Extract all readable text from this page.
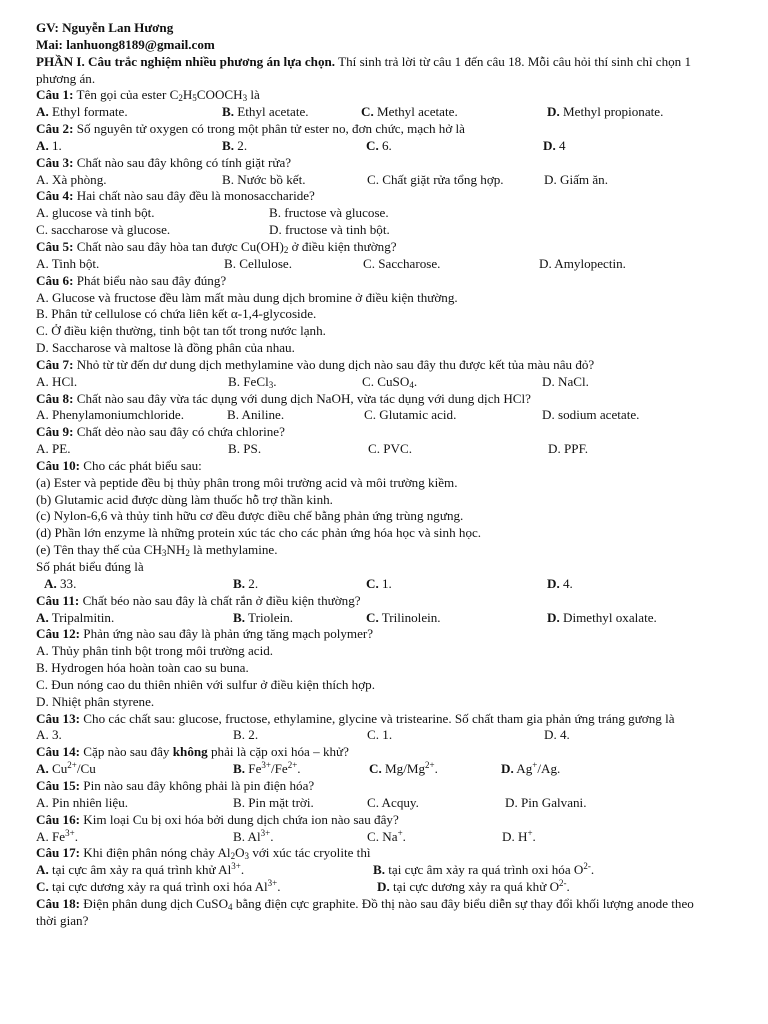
GV: Nguyễn Lan Hương
Mai: lanhuong8189@gmail.com
PHẦN I. Câu trắc nghiệm nhiều phương án lựa chọn. Thí sinh trả lời từ câu 1 đến câu 18. Mỗi câu hỏi thí sinh chỉ chọn 1 phương án.
Câu 1: Tên gọi của ester $C_2H_5COOCH_3$ là
A. Ethyl formate.	B. Ethyl acetate.	C. Methyl acetate.	D. Methyl propionate.
Câu 2: Số nguyên tử oxygen có trong một phân tử ester no, đơn chức, mạch hở là
A. 1.	B. 2.	C. 6.	D. 4
Câu 3: Chất nào sau đây không có tính giặt rửa?
A. Xà phòng.	B. Nước bồ kết.	C. Chất giặt rửa tổng hợp.	D. Giấm ăn.
Câu 4: Hai chất nào sau đây đều là monosaccharide?
A. glucose và tinh bột.	B. fructose và glucose.
C. saccharose và glucose.	D. fructose và tinh bột.
Câu 5: Chất nào sau đây hòa tan được $Cu(OH)_2$ ở điều kiện thường?
A. Tinh bột.	B. Cellulose.	C. Saccharose.	D. Amylopectin.
Câu 6: Phát biểu nào sau đây đúng?
A. Glucose và fructose đều làm mất màu dung dịch bromine ở điều kiện thường.
B. Phân tử cellulose có chứa liên kết α-1,4-glycoside.
C. Ở điều kiện thường, tinh bột tan tốt trong nước lạnh.
D. Saccharose và maltose là đồng phân của nhau.
Câu 7: Nhỏ từ từ đến dư dung dịch methylamine vào dung dịch nào sau đây thu được kết tủa màu nâu đỏ?
A. HCl.	B. FeCl$_3$.	C. CuSO$_4$.	D. NaCl.
Câu 8: Chất nào sau đây vừa tác dụng với dung dịch NaOH, vừa tác dụng với dung dịch HCl?
A. Phenylamoniumchloride.	B. Aniline.	C. Glutamic acid.	D. sodium acetate.
Câu 9: Chất dẻo nào sau đây có chứa chlorine?
A. PE.	B. PS.	C. PVC.	D. PPF.
Câu 10: Cho các phát biểu sau:
(a) Ester và peptide đều bị thủy phân trong môi trường acid và môi trường kiềm.
(b) Glutamic acid được dùng làm thuốc hỗ trợ thần kinh.
(c) Nylon-6,6 và thủy tinh hữu cơ đều được điều chế bằng phản ứng trùng ngưng.
(d) Phần lớn enzyme là những protein xúc tác cho các phản ứng hóa học và sinh học.
(e) Tên thay thế của $CH_3NH_2$ là methylamine.
Số phát biểu đúng là
A. 33.	B. 2.	C. 1.	D. 4.
Câu 11: Chất béo nào sau đây là chất rắn ở điều kiện thường?
A. Tripalmitin.	B. Triolein.	C. Trilinolein.	D. Dimethyl oxalate.
Câu 12: Phản ứng nào sau đây là phản ứng tăng mạch polymer?
A. Thủy phân tinh bột trong môi trường acid.
B. Hydrogen hóa hoàn toàn cao su buna.
C. Đun nóng cao du thiên nhiên với sulfur ở điều kiện thích hợp.
D. Nhiệt phân styrene.
Câu 13: Cho các chất sau: glucose, fructose, ethylamine, glycine và tristearine. Số chất tham gia phản ứng tráng gương là
A. 3.	B. 2.	C. 1.	D. 4.
Câu 14: Cặp nào sau đây không phải là cặp oxi hóa – khử?
A. $Cu^{2+}/Cu$	B. $Fe^{3+}/Fe^{2+}$.	C. $Mg/Mg^{2+}$.	D. Ag+/Ag.
Câu 15: Pin nào sau đây không phải là pin điện hóa?
A. Pin nhiên liệu.	B. Pin mặt trời.	C. Acquy.	D. Pin Galvani.
Câu 16: Kim loại Cu bị oxi hóa bởi dung dịch chứa ion nào sau đây?
A. $Fe^{3+}$.	B. $Al^{3+}$.	C. Na+.	D. H+.
Câu 17: Khi điện phân nóng chảy $Al_2O_3$ với xúc tác cryolite thì
A. tại cực âm xảy ra quá trình khử $Al^{3+}$.	B. tại cực âm xảy ra quá trình oxi hóa $O^{2-}$.
C. tại cực dương xảy ra quá trình oxi hóa $Al^{3+}$.	D. tại cực dương xảy ra quá khử $O^{2-}$.
Câu 18: Điện phân dung dịch CuSO$_4$ bằng điện cực graphite. Đồ thị nào sau đây biểu diễn sự thay đổi khối lượng anode theo thời gian?
